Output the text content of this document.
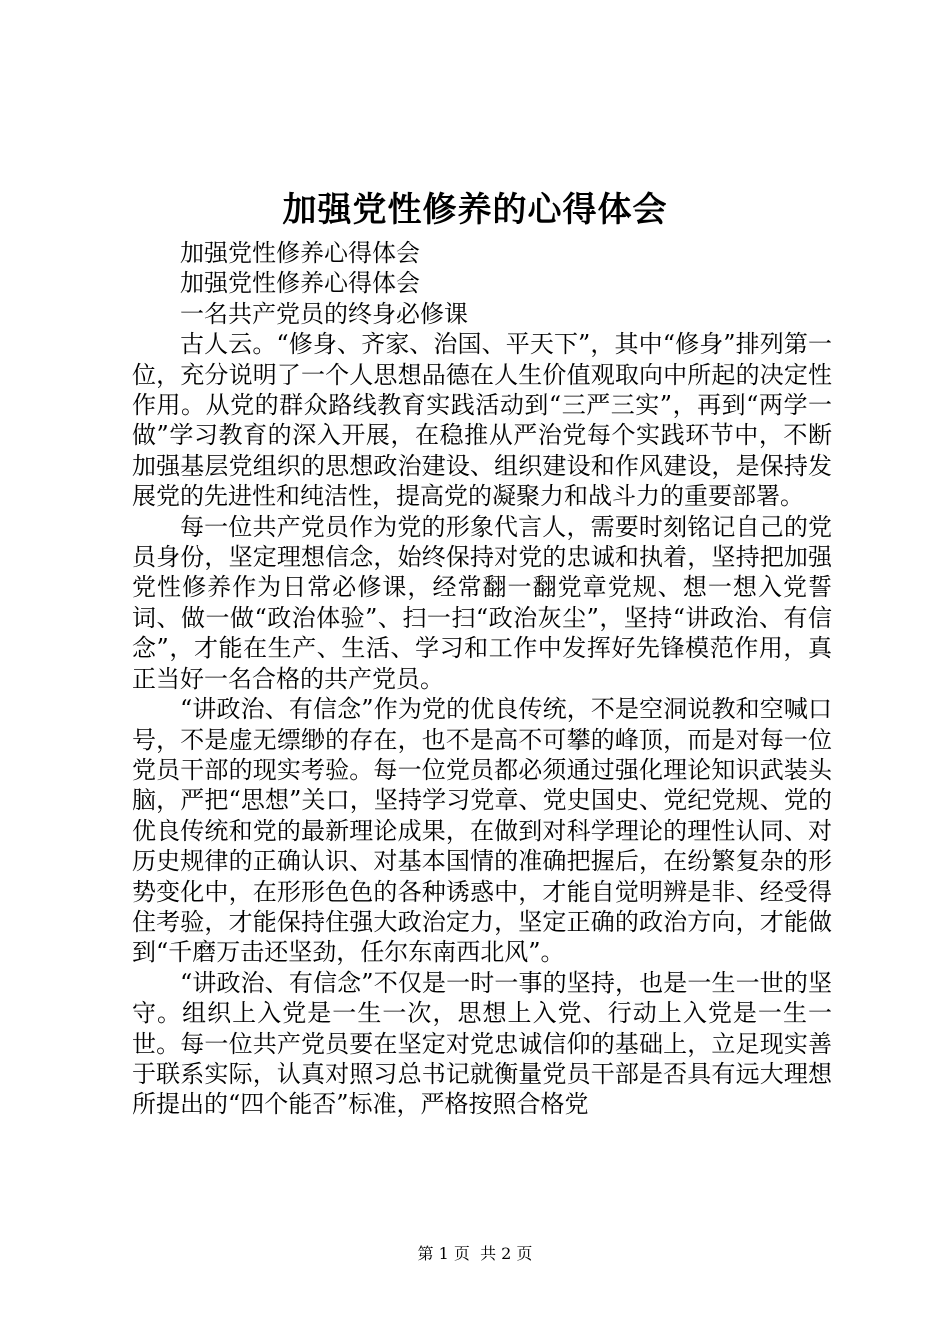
加强党性修养的心得体会

加强党性修养心得体会

加强党性修养心得体会

一名共产党员的终身必修课

古人云。“修身、齐家、治国、平天下”，其中“修身”排列第一位，充分说明了一个人思想品德在人生价值观取向中所起的决定性作用。从党的群众路线教育实践活动到“三严三实”，再到“两学一做”学习教育的深入开展，在稳推从严治党每个实践环节中，不断加强基层党组织的思想政治建设、组织建设和作风建设，是保持发展党的先进性和纯洁性，提高党的凝聚力和战斗力的重要部署。

每一位共产党员作为党的形象代言人，需要时刻铭记自己的党员身份，坚定理想信念，始终保持对党的忠诚和执着，坚持把加强党性修养作为日常必修课，经常翻一翻党章党规、想一想入党誓词、做一做“政治体验”、扫一扫“政治灰尘”，坚持“讲政治、有信念”，才能在生产、生活、学习和工作中发挥好先锋模范作用，真正当好一名合格的共产党员。

“讲政治、有信念”作为党的优良传统，不是空洞说教和空喊口号，不是虚无缥缈的存在，也不是高不可攀的峰顶，而是对每一位党员干部的现实考验。每一位党员都必须通过强化理论知识武装头脑，严把“思想”关口，坚持学习党章、党史国史、党纪党规、党的优良传统和党的最新理论成果，在做到对科学理论的理性认同、对历史规律的正确认识、对基本国情的准确把握后，在纷繁复杂的形势变化中，在形形色色的各种诱惑中，才能自觉明辨是非、经受得住考验，才能保持住强大政治定力，坚定正确的政治方向，才能做到“千磨万击还坚劲，任尔东南西北风”。

“讲政治、有信念”不仅是一时一事的坚持，也是一生一世的坚守。组织上入党是一生一次，思想上入党、行动上入党是一生一世。每一位共产党员要在坚定对党忠诚信仰的基础上，立足现实善于联系实际，认真对照习总书记就衡量党员干部是否具有远大理想所提出的“四个能否”标准，严格按照合格党

第 1 页  共 2 页
